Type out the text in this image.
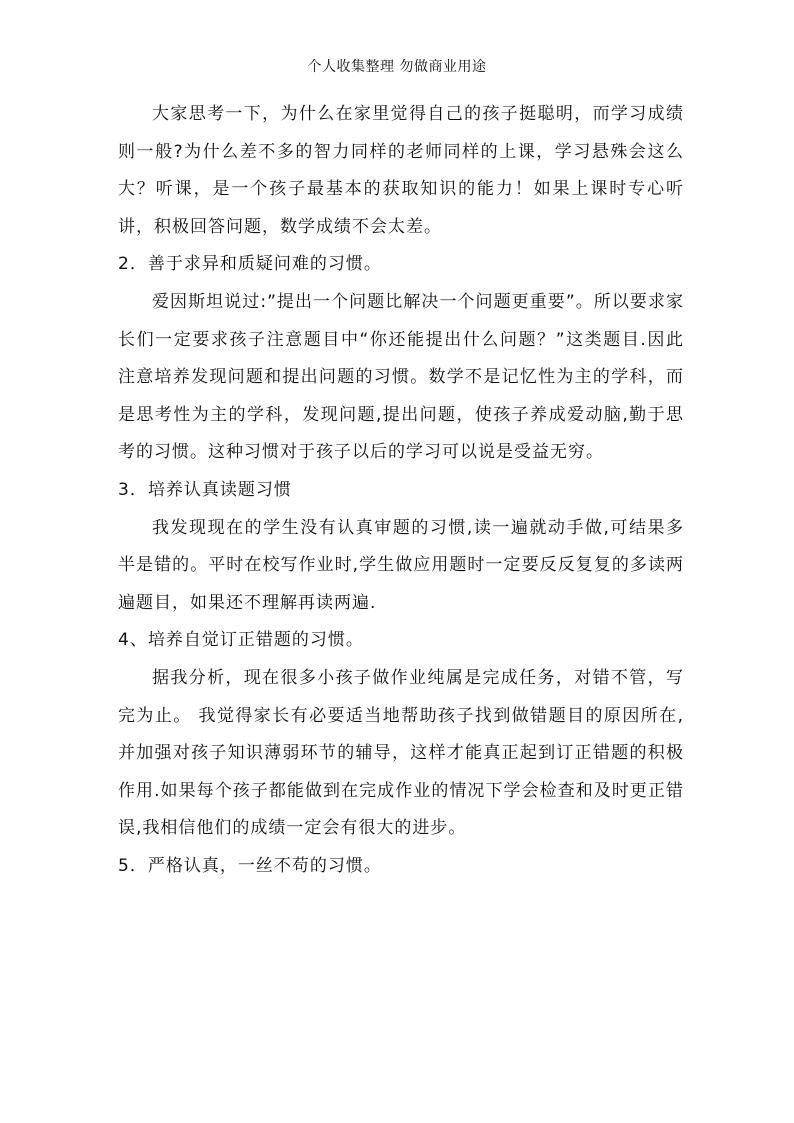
个人收集整理 勿做商业用途

大家思考一下，为什么在家里觉得自己的孩子挺聪明，而学习成绩则一般?为什么差不多的智力同样的老师同样的上课，学习悬殊会这么大？听课，是一个孩子最基本的获取知识的能力！如果上课时专心听讲，积极回答问题，数学成绩不会太差。

2．善于求异和质疑问难的习惯。

爱因斯坦说过:”提出一个问题比解决一个问题更重要”。所以要求家长们一定要求孩子注意题目中“你还能提出什么问题？”这类题目.因此注意培养发现问题和提出问题的习惯。数学不是记忆性为主的学科，而是思考性为主的学科，发现问题,提出问题，使孩子养成爱动脑,勤于思考的习惯。这种习惯对于孩子以后的学习可以说是受益无穷。

3．培养认真读题习惯

我发现现在的学生没有认真审题的习惯,读一遍就动手做,可结果多半是错的。平时在校写作业时,学生做应用题时一定要反反复复的多读两遍题目，如果还不理解再读两遍.

4、培养自觉订正错题的习惯。

据我分析，现在很多小孩子做作业纯属是完成任务，对错不管，写完为止。 我觉得家长有必要适当地帮助孩子找到做错题目的原因所在,并加强对孩子知识薄弱环节的辅导，这样才能真正起到订正错题的积极作用.如果每个孩子都能做到在完成作业的情况下学会检查和及时更正错误,我相信他们的成绩一定会有很大的进步。

5．严格认真，一丝不苟的习惯。
